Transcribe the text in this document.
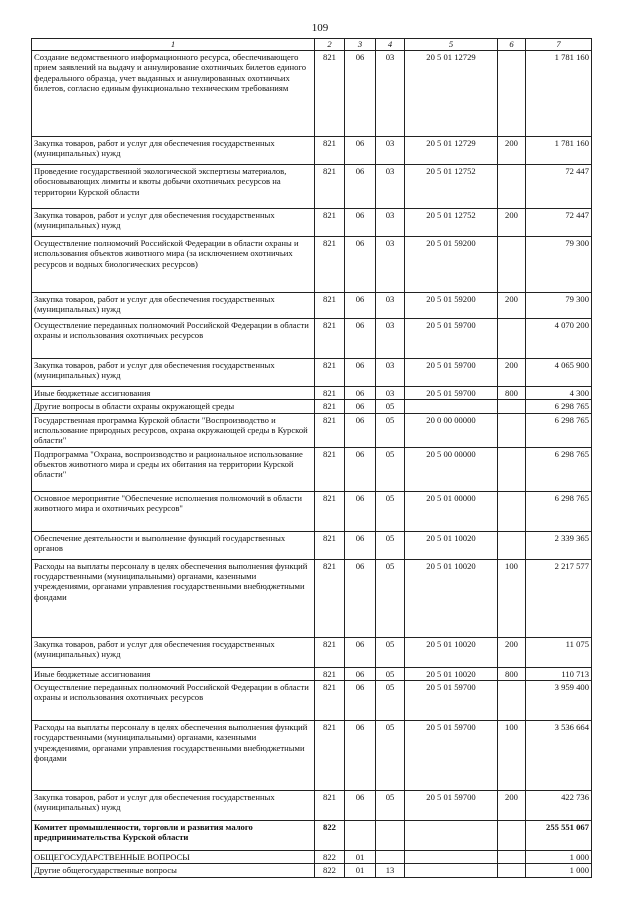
109
1	2	3	4	5	6	7
Создание ведомственного информационного ресурса, обеспечивающего прием заявлений на выдачу и аннулирование охотничьих билетов единого федерального образца, учет выданных и аннулированных охотничьих билетов, согласно единым функционально техническим требованиям	821	06	03	20 5 01 12729		1 781 160
Закупка товаров, работ и услуг для обеспечения государственных (муниципальных) нужд	821	06	03	20 5 01 12729	200	1 781 160
Проведение государственной экологической экспертизы материалов, обосновывающих лимиты и квоты добычи охотничьих ресурсов на территории Курской области	821	06	03	20 5 01 12752		72 447
Закупка товаров, работ и услуг для обеспечения государственных (муниципальных) нужд	821	06	03	20 5 01 12752	200	72 447
Осуществление полномочий Российской Федерации в области охраны и использования объектов животного мира (за исключением охотничьих ресурсов и водных биологических ресурсов)	821	06	03	20 5 01 59200		79 300
Закупка товаров, работ и услуг для обеспечения государственных (муниципальных) нужд	821	06	03	20 5 01 59200	200	79 300
Осуществление переданных полномочий Российской Федерации в области охраны и использования охотничьих ресурсов	821	06	03	20 5 01 59700		4 070 200
Закупка товаров, работ и услуг для обеспечения государственных (муниципальных) нужд	821	06	03	20 5 01 59700	200	4 065 900
Иные бюджетные ассигнования	821	06	03	20 5 01 59700	800	4 300
Другие вопросы в области охраны окружающей среды	821	06	05			6 298 765
Государственная программа Курской области "Воспроизводство и использование природных ресурсов, охрана окружающей среды в Курской области"	821	06	05	20 0 00 00000		6 298 765
Подпрограмма "Охрана, воспроизводство и рациональное использование объектов животного мира и среды их обитания на территории Курской области"	821	06	05	20 5 00 00000		6 298 765
Основное мероприятие "Обеспечение исполнения полномочий в области животного мира и охотничьих ресурсов"	821	06	05	20 5 01 00000		6 298 765
Обеспечение деятельности и выполнение функций государственных органов	821	06	05	20 5 01 10020		2 339 365
Расходы на выплаты персоналу в целях обеспечения выполнения функций государственными (муниципальными) органами, казенными учреждениями, органами управления государственными внебюджетными фондами	821	06	05	20 5 01 10020	100	2 217 577
Закупка товаров, работ и услуг для обеспечения государственных (муниципальных) нужд	821	06	05	20 5 01 10020	200	11 075
Иные бюджетные ассигнования	821	06	05	20 5 01 10020	800	110 713
Осуществление переданных полномочий Российской Федерации в области охраны и использования охотничьих ресурсов	821	06	05	20 5 01 59700		3 959 400
Расходы на выплаты персоналу в целях обеспечения выполнения функций государственными (муниципальными) органами, казенными учреждениями, органами управления государственными внебюджетными фондами	821	06	05	20 5 01 59700	100	3 536 664
Закупка товаров, работ и услуг для обеспечения государственных (муниципальных) нужд	821	06	05	20 5 01 59700	200	422 736
Комитет промышленности, торговли и развития малого предпринимательства Курской области	822					255 551 067
ОБЩЕГОСУДАРСТВЕННЫЕ ВОПРОСЫ	822	01				1 000
Другие общегосударственные вопросы	822	01	13			1 000
